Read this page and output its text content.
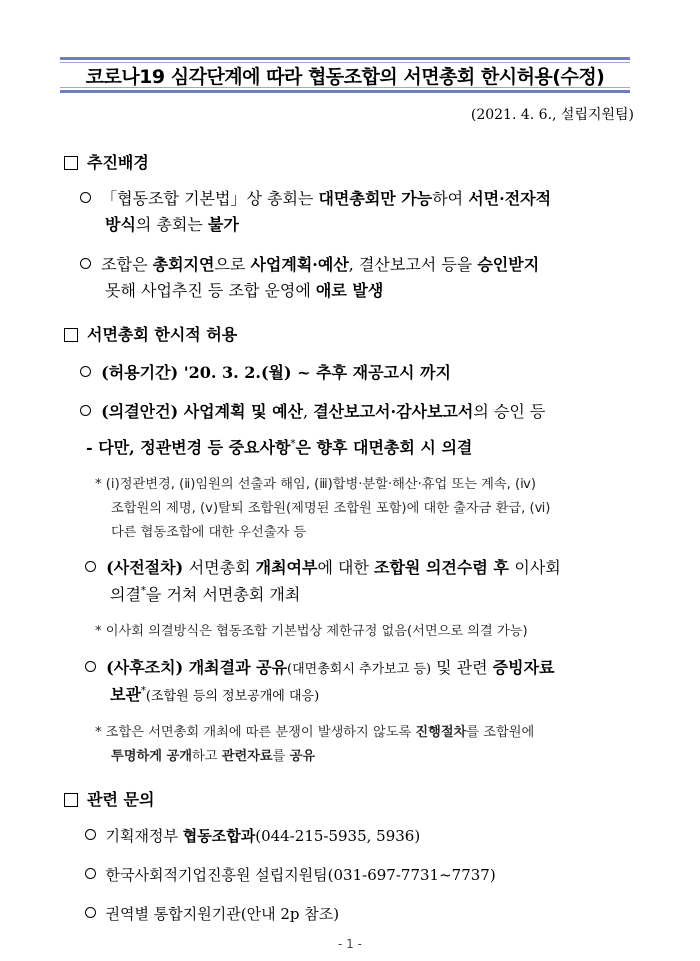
코로나19 심각단계에 따라 협동조합의 서면총회 한시허용(수정)
(2021. 4. 6., 설립지원팀)
추진배경
「협동조합 기본법」상 총회는 대면총회만 가능하여 서면·전자적
방식의 총회는 불가
조합은 총회지연으로 사업계획·예산, 결산보고서 등을 승인받지
못해 사업추진 등 조합 운영에 애로 발생
서면총회 한시적 허용
(허용기간) '20. 3. 2.(월) ~ 추후 재공고시 까지
(의결안건) 사업계획 및 예산, 결산보고서·감사보고서의 승인 등
- 다만, 정관변경 등 중요사항*은 향후 대면총회 시 의결
* (ⅰ)정관변경, (ⅱ)임원의 선출과 해임, (ⅲ)합병·분할·해산·휴업 또는 계속, (ⅳ)
조합원의 제명, (ⅴ)탈퇴 조합원(제명된 조합원 포함)에 대한 출자금 환급, (ⅵ)
다른 협동조합에 대한 우선출자 등
(사전절차) 서면총회 개최여부에 대한 조합원 의견수렴 후 이사회
의결*을 거쳐 서면총회 개최
* 이사회 의결방식은 협동조합 기본법상 제한규정 없음(서면으로 의결 가능)
(사후조치) 개최결과 공유(대면총회시 추가보고 등) 및 관련 증빙자료
보관*(조합원 등의 정보공개에 대응)
* 조합은 서면총회 개최에 따른 분쟁이 발생하지 않도록 진행절차를 조합원에
투명하게 공개하고 관련자료를 공유
관련 문의
기획재정부 협동조합과(044-215-5935, 5936)
한국사회적기업진흥원 설립지원팀(031-697-7731~7737)
권역별 통합지원기관(안내 2p 참조)
- 1 -
